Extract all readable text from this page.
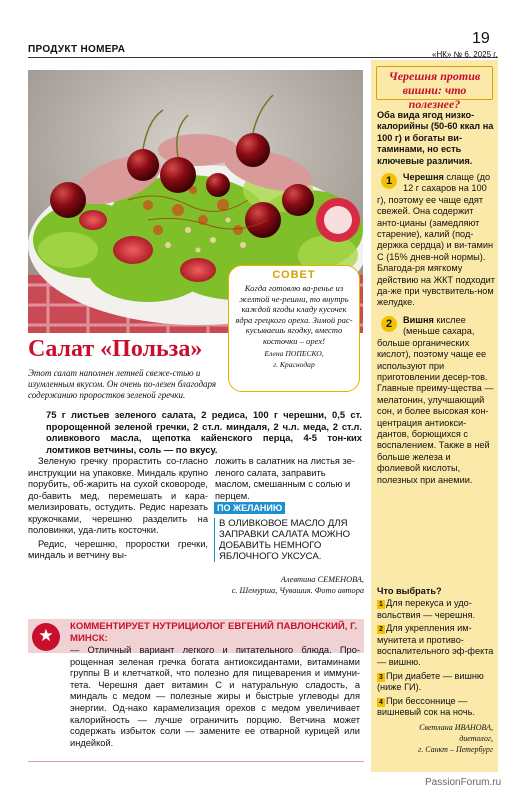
ПРОДУКТ НОМЕРА
19
«НК» № 6, 2025 г.
СОВЕТ
Когда готовлю ва-ренье из желтой че-решни, то внутрь каждой ягоды кладу кусочек ядра грецкого ореха. Зимой рас-кусываешь ягодку, вместо косточки – орех!
Елена ПОПЕСКО,
г. Краснодар
Салат «Польза»
Этот салат наполнен летней свеже-стью и изумленным вкусом. Он очень по-лезен благодаря содержанию проростков зеленой гречки.
75 г листьев зеленого салата, 2 редиса, 100 г черешни, 0,5 ст. пророщенной зеленой гречки, 2 ст.л. миндаля, 2 ч.л. меда, 2 ст.л. оливкового масла, щепотка кайенского перца, 4-5 тон-ких ломтиков ветчины, соль — по вкусу.

Зеленую гречку прорастить со-гласно инструкции на упаковке. Миндаль крупно порубить, об-жарить на сухой сковороде, до-бавить мед, перемешать и кара-мелизировать, остудить. Редис нарезать кружочками, черешню разделить на половинки, уда-лить косточки.

Редис, черешню, проростки гречки, миндаль и ветчину вы-

ложить в салатник на листья зе-леного салата, заправить маслом, смешанным с солью и перцем.
ПО ЖЕЛАНИЮ
В ОЛИВКОВОЕ МАСЛО ДЛЯ ЗАПРАВКИ САЛАТА МОЖНО ДОБАВИТЬ НЕМНОГО ЯБЛОЧНОГО УКСУСА.
Алевтина СЕМЕНОВА,
с. Шемурша, Чувашия. Фото автора
★	КОММЕНТИРУЕТ НУТРИЦИОЛОГ ЕВГЕНИЙ ПАВЛОНСКИЙ, Г. МИНСК:
— Отличный вариант легкого и питательного блюда. Про-рощенная зеленая гречка богата антиоксидантами, витаминами группы В и клетчаткой, что полезно для пищеварения и иммуни-тета. Черешня дает витамин С и натуральную сладость, а миндаль с медом — полезные жиры и быстрые углеводы для энергии. Од-нако карамелизация орехов с медом увеличивает калорийность — лучше ограничить порцию. Ветчина может содержать избыток соли — замените ее отварной курицей или индейкой.
Черешня против вишни: что полезнее?
Оба вида ягод низко-калорийны (50-60 ккал на 100 г) и богаты ви-таминами, но есть ключевые различия.

1	Черешня слаще (до 12 г сахаров на 100 г), поэтому ее чаще едят свежей. Она содержит анто-цианы (замедляют старение), калий (под-держка сердца) и ви-тамин С (15% днев-ной нормы). Благода-ря мягкому действию на ЖКТ подходит да-же при чувствитель-ном желудке.

2	Вишня кислее (меньше сахара, больше органических кислот), поэтому чаще ее используют при приготовлении десер-тов. Главные преиму-щества — мелатонин, улучшающий сон, и более высокая кон-центрация антиокси-дантов, борющихся с воспалением. Также в ней больше железа и фолиевой кислоты, полезных при анемии.

Что выбрать?

1 Для перекуса и удо-вольствия — черешня.

2 Для укрепления им-мунитета и противо-воспалительного эф-фекта — вишню.

3 При диабете — вишню (ниже ГИ).

4 При бессоннице — вишневый сок на ночь.

Светлана ИВАНОВА,
диетолог,
г. Санкт – Петербург
PassionForum.ru
